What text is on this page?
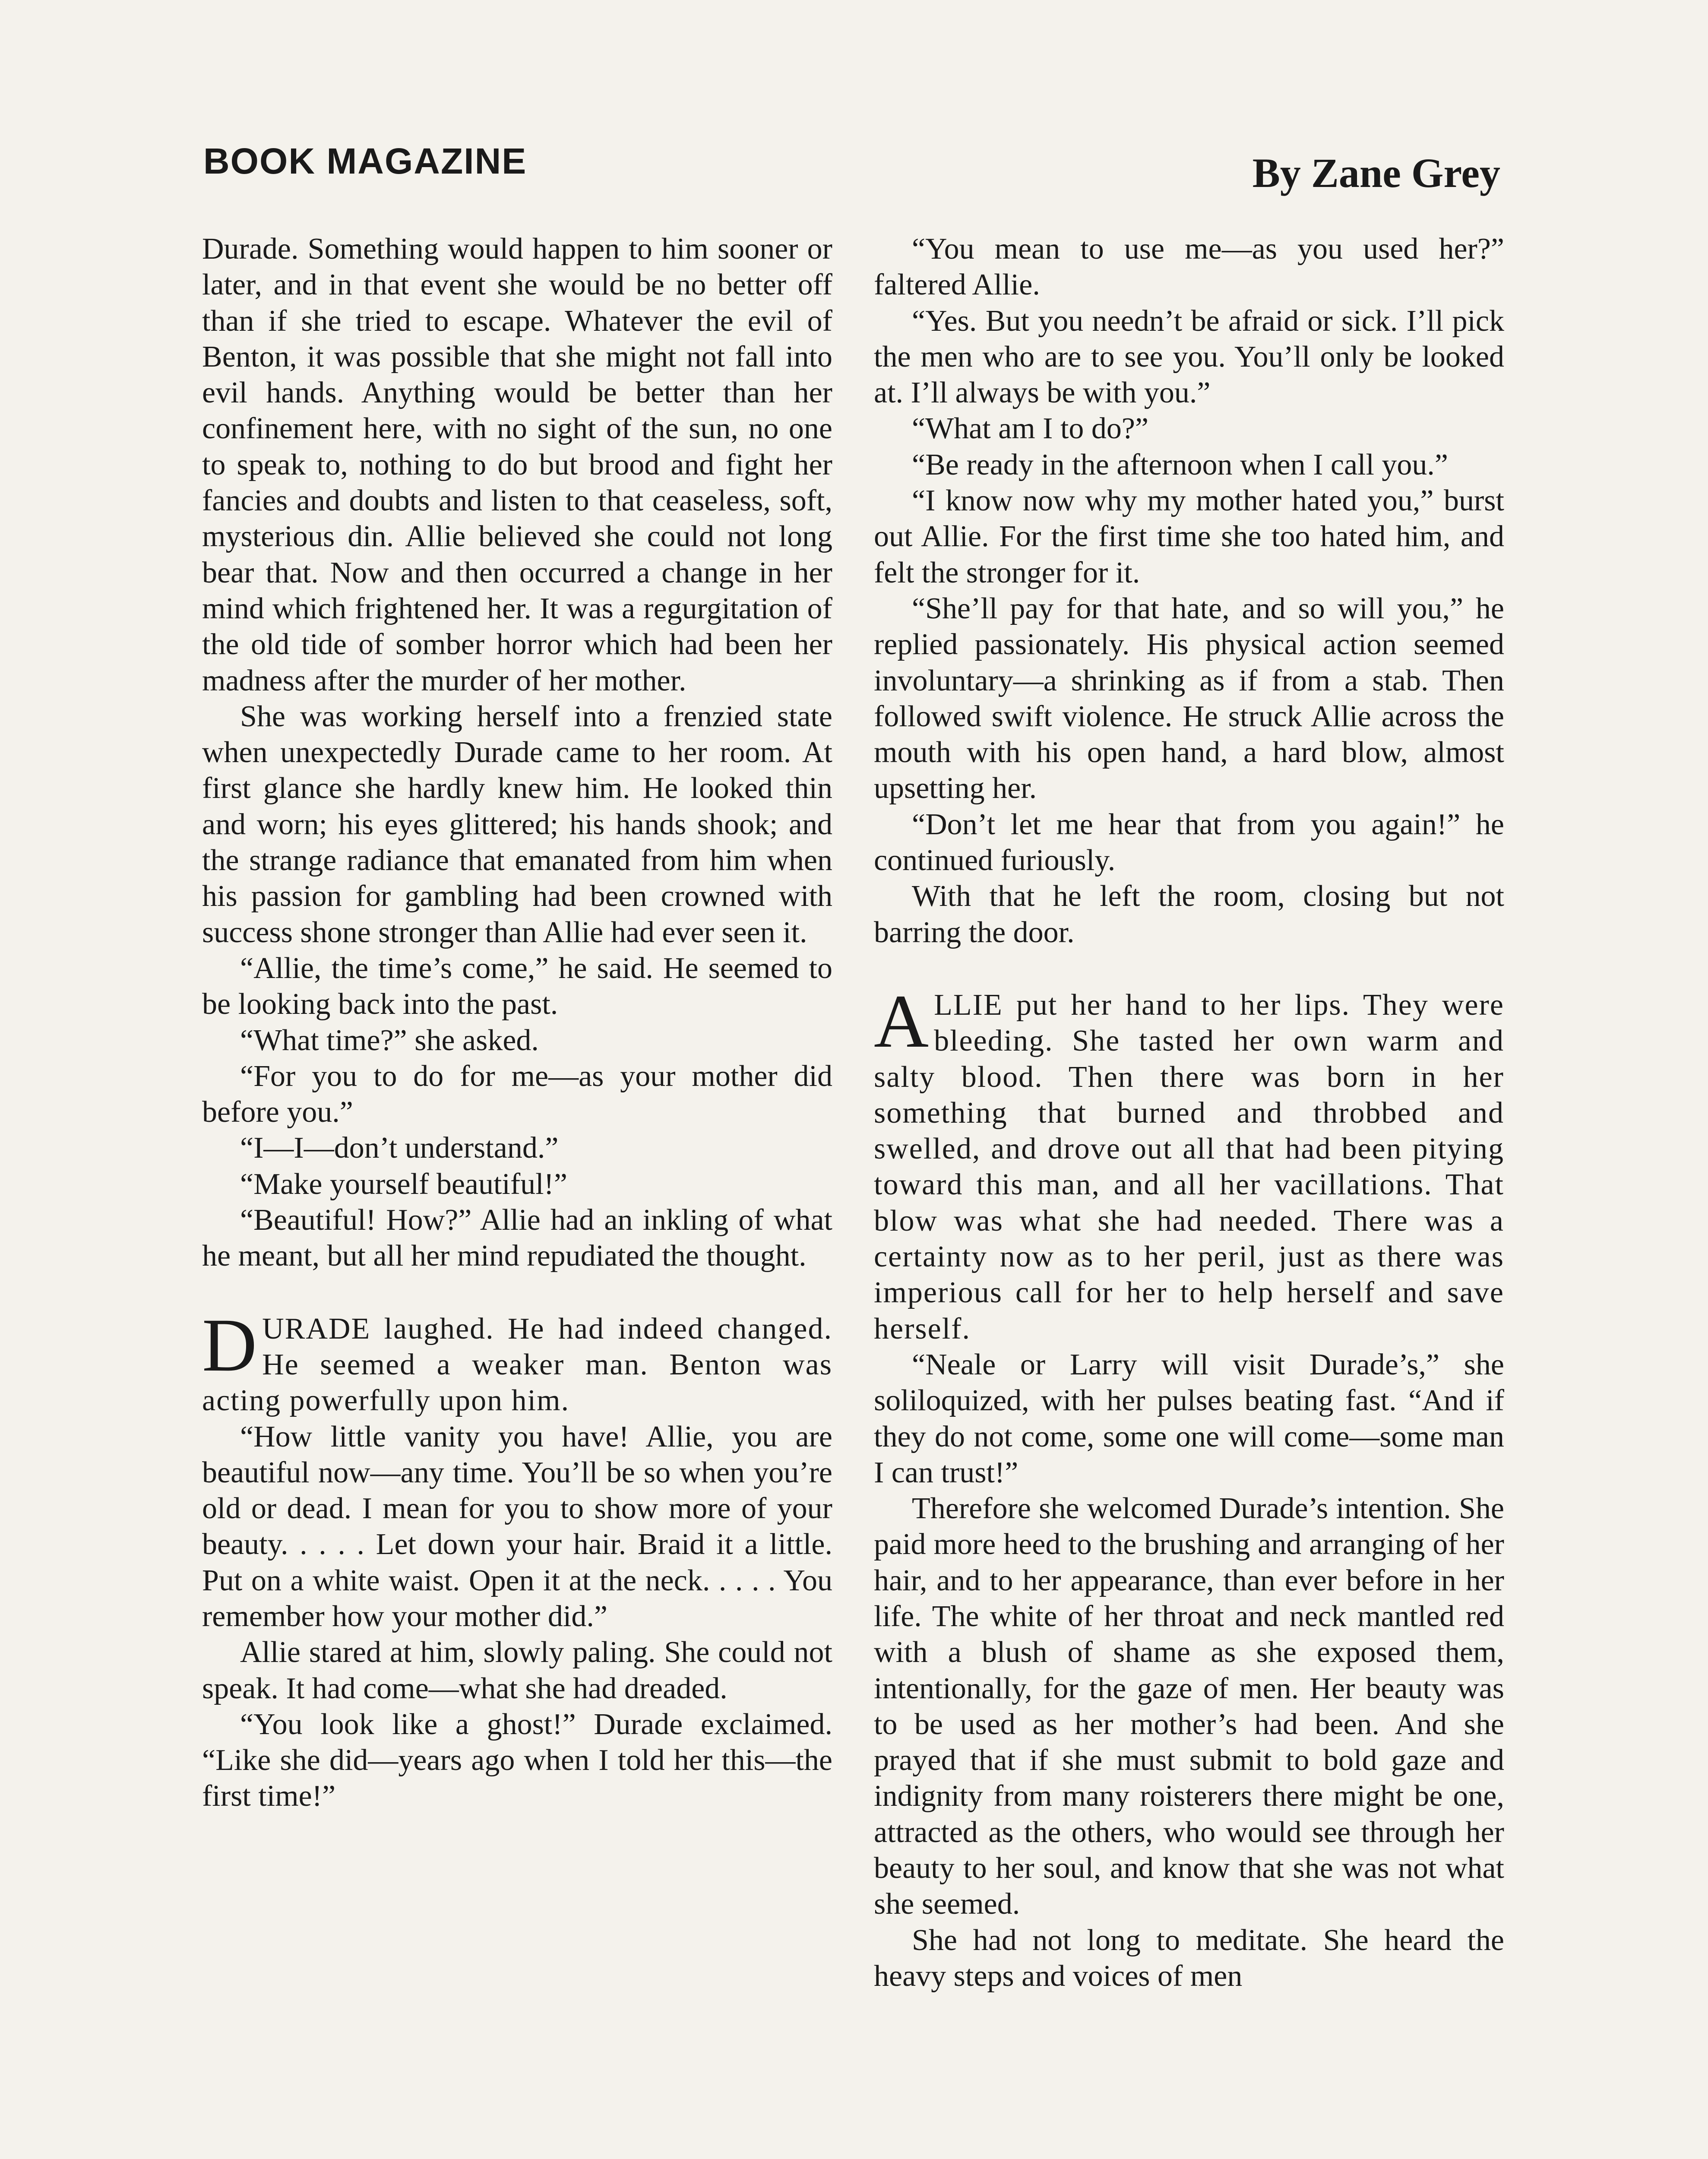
BOOK MAGAZINE	By Zane Grey

Durade. Something would happen to him sooner or later, and in that event she would be no better off than if she tried to escape. Whatever the evil of Benton, it was possible that she might not fall into evil hands. Anything would be better than her confinement here, with no sight of the sun, no one to speak to, nothing to do but brood and fight her fancies and doubts and listen to that ceaseless, soft, mysterious din. Allie believed she could not long bear that. Now and then occurred a change in her mind which frightened her. It was a regurgitation of the old tide of somber horror which had been her madness after the murder of her mother.

She was working herself into a frenzied state when unexpectedly Durade came to her room. At first glance she hardly knew him. He looked thin and worn; his eyes glittered; his hands shook; and the strange radiance that emanated from him when his passion for gambling had been crowned with success shone stronger than Allie had ever seen it.

“Allie, the time’s come,” he said. He seemed to be looking back into the past.

“What time?” she asked.

“For you to do for me—as your mother did before you.”

“I—I—don’t understand.”

“Make yourself beautiful!”

“Beautiful! How?” Allie had an inkling of what he meant, but all her mind repudiated the thought.

DURADE laughed. He had indeed changed. He seemed a weaker man. Benton was acting powerfully upon him.

“How little vanity you have! Allie, you are beautiful now—any time. You’ll be so when you’re old or dead. I mean for you to show more of your beauty. . . . . Let down your hair. Braid it a little. Put on a white waist. Open it at the neck. . . . . You remember how your mother did.”

Allie stared at him, slowly paling. She could not speak. It had come—what she had dreaded.

“You look like a ghost!” Durade exclaimed. “Like she did—years ago when I told her this—the first time!”

“You mean to use me—as you used her?” faltered Allie.

“Yes. But you needn’t be afraid or sick. I’ll pick the men who are to see you. You’ll only be looked at. I’ll always be with you.”

“What am I to do?”

“Be ready in the afternoon when I call you.”

“I know now why my mother hated you,” burst out Allie. For the first time she too hated him, and felt the stronger for it.

“She’ll pay for that hate, and so will you,” he replied passionately. His physical action seemed involuntary—a shrinking as if from a stab. Then followed swift violence. He struck Allie across the mouth with his open hand, a hard blow, almost upsetting her.

“Don’t let me hear that from you again!” he continued furiously.

With that he left the room, closing but not barring the door.

ALLIE put her hand to her lips. They were bleeding. She tasted her own warm and salty blood. Then there was born in her something that burned and throbbed and swelled, and drove out all that had been pitying toward this man, and all her vacillations. That blow was what she had needed. There was a certainty now as to her peril, just as there was imperious call for her to help herself and save herself.

“Neale or Larry will visit Durade’s,” she soliloquized, with her pulses beating fast. “And if they do not come, some one will come—some man I can trust!”

Therefore she welcomed Durade’s intention. She paid more heed to the brushing and arranging of her hair, and to her appearance, than ever before in her life. The white of her throat and neck mantled red with a blush of shame as she exposed them, intentionally, for the gaze of men. Her beauty was to be used as her mother’s had been. And she prayed that if she must submit to bold gaze and indignity from many roisterers there might be one, attracted as the others, who would see through her beauty to her soul, and know that she was not what she seemed.

She had not long to meditate. She heard the heavy steps and voices of men
